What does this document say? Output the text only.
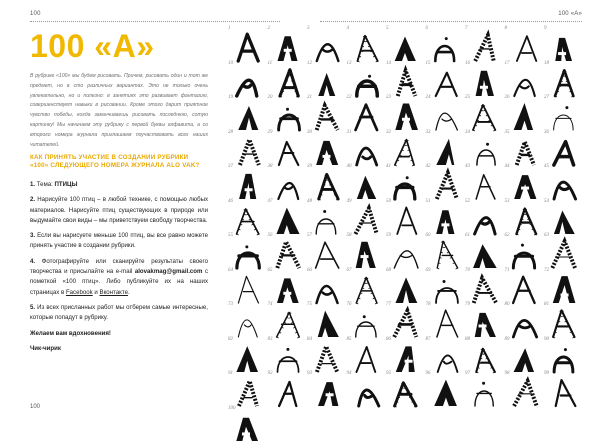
100	100 «А»
100 «А»

В рубрике «100» мы будем рисовать. Причем, рисовать один и тот же предмет, но в сто различных вариантах. Это не только очень увлекательно, но и полезно: в занятиях это развивает фантазию, совершенствует навыки в рисовании. Кроме этого дарит приятное чувство победы, когда заканчиваешь рисовать последнюю, сотую картинку! Мы начинаем эту рубрику с первой буквы алфавита, а со второго номера журнала приглашаем поучаствовать всех наших читателей.

КАК ПРИНЯТЬ УЧАСТИЕ В СОЗДАНИИ РУБРИКИ «100» СЛЕДУЮЩЕГО НОМЕРА ЖУРНАЛА ALO VAK?

1. Тема: ПТИЦЫ

2. Нарисуйте 100 птиц – в любой технике, с помощью любых материалов. Нарисуйте птиц существующих в природе или выдумайте свои виды – мы приветствуем свободу творчества.

3. Если вы нарисуете меньше 100 птиц, вы все равно можете принять участие в создании рубрики.

4. Фотографируйте или сканируйте результаты своего творчества и присылайте на e-mail alovakmag@gmail.com с пометкой «100 птиц». Либо публикуйте их на наших страницах в Facebook и Вконтакте.

5. Из всех присланных работ мы отберем самые интересные, которые попадут в рубрику.

Желаем вам вдохновения!

Чик-чирик

100
1	2	3	4	5	6	7	8	9
10	11	12	13	14	15	16	17	18
19	20	21	22	23	24	25	26	27
28	29	30	31	32	33	34	35	36
37	38	39	40	41	42	43	44	45
46	47	48	49	50	51	52	53	54
55	56	57	58	59	60	61	62	63
64	65	66	67	68	69	70	71	72
73	74	75	76	77	78	79	80	81
82	83	84	85	86	87	88	89	90
91	92	93	94	95	96	97	98	99
100
